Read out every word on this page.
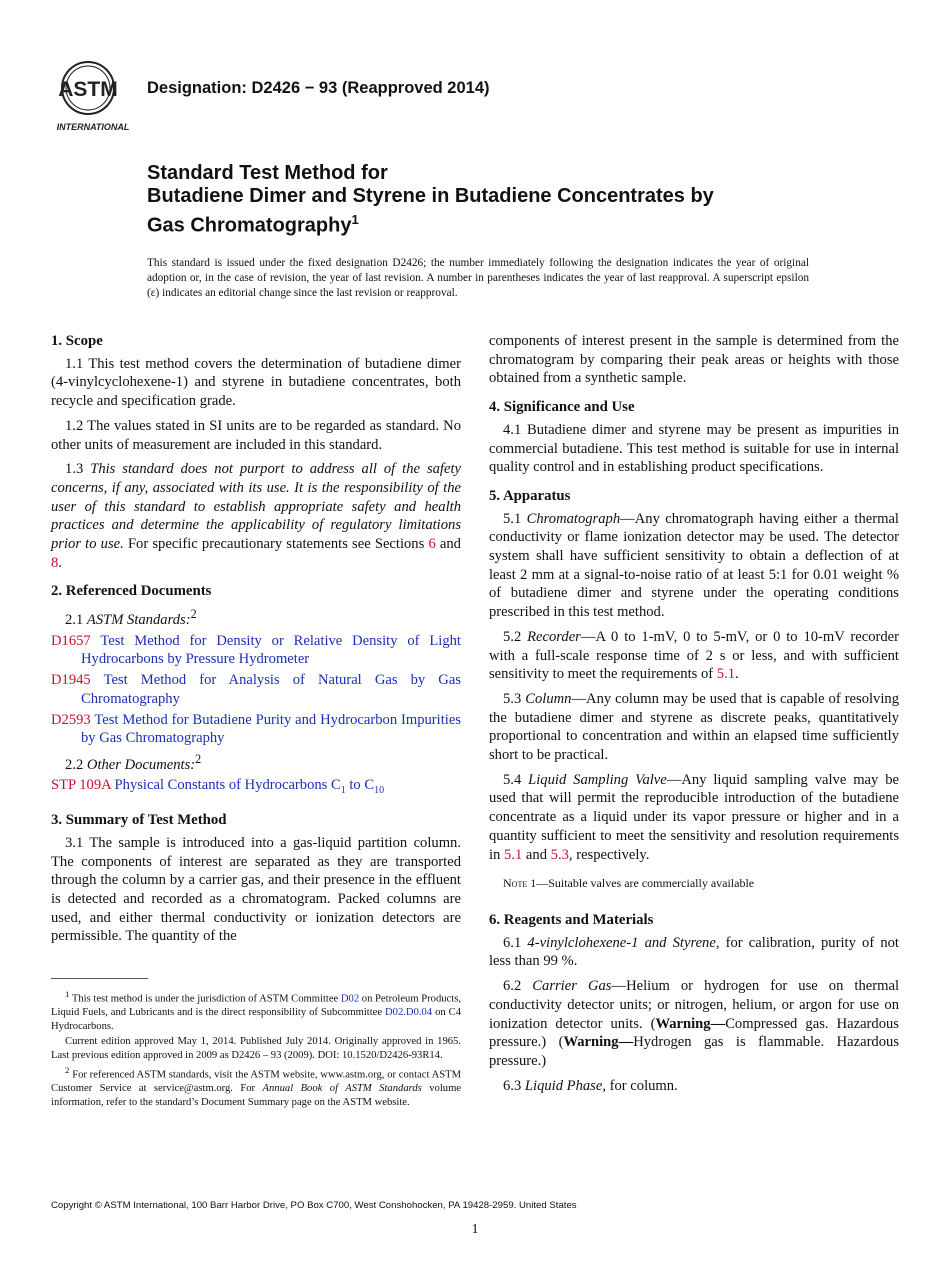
ASTM
INTERNATIONAL
Designation: D2426 − 93 (Reapproved 2014)
Standard Test Method for
Butadiene Dimer and Styrene in Butadiene Concentrates by
Gas Chromatography$^1$
This standard is issued under the fixed designation D2426; the number immediately following the designation indicates the year of original adoption or, in the case of revision, the year of last revision. A number in parentheses indicates the year of last reapproval. A superscript epsilon (ε) indicates an editorial change since the last revision or reapproval.
1. Scope

1.1 This test method covers the determination of butadiene dimer (4-vinylcyclohexene-1) and styrene in butadiene concentrates, both recycle and specification grade.

1.2 The values stated in SI units are to be regarded as standard. No other units of measurement are included in this standard.

1.3 This standard does not purport to address all of the safety concerns, if any, associated with its use. It is the responsibility of the user of this standard to establish appropriate safety and health practices and determine the applicability of regulatory limitations prior to use. For specific precautionary statements see Sections 6 and 8.

2. Referenced Documents
2.1 ASTM Standards:$^2$
D1657 Test Method for Density or Relative Density of Light Hydrocarbons by Pressure Hydrometer
D1945 Test Method for Analysis of Natural Gas by Gas Chromatography
D2593 Test Method for Butadiene Purity and Hydrocarbon Impurities by Gas Chromatography
2.2 Other Documents:$^2$
STP 109A Physical Constants of Hydrocarbons $C_1$ to $C_{10}$
3. Summary of Test Method

3.1 The sample is introduced into a gas-liquid partition column. The components of interest are separated as they are transported through the column by a carrier gas, and their presence in the effluent is detected and recorded as a chromatogram. Packed columns are used, and either thermal conductivity or ionization detectors are permissible. The quantity of the

$^1$ This test method is under the jurisdiction of ASTM Committee D02 on Petroleum Products, Liquid Fuels, and Lubricants and is the direct responsibility of Subcommittee D02.D0.04 on C4 Hydrocarbons.

Current edition approved May 1, 2014. Published July 2014. Originally approved in 1965. Last previous edition approved in 2009 as D2426 – 93 (2009). DOI: 10.1520/D2426-93R14.

$^2$ For referenced ASTM standards, visit the ASTM website, www.astm.org, or contact ASTM Customer Service at service@astm.org. For Annual Book of ASTM Standards volume information, refer to the standard’s Document Summary page on the ASTM website.

components of interest present in the sample is determined from the chromatogram by comparing their peak areas or heights with those obtained from a synthetic sample.

4. Significance and Use

4.1 Butadiene dimer and styrene may be present as impurities in commercial butadiene. This test method is suitable for use in internal quality control and in establishing product specifications.

5. Apparatus

5.1 Chromatograph—Any chromatograph having either a thermal conductivity or flame ionization detector may be used. The detector system shall have sufficient sensitivity to obtain a deflection of at least 2 mm at a signal-to-noise ratio of at least 5:1 for 0.01 weight % of butadiene dimer and styrene under the operating conditions prescribed in this test method.

5.2 Recorder—A 0 to 1-mV, 0 to 5-mV, or 0 to 10-mV recorder with a full-scale response time of 2 s or less, and with sufficient sensitivity to meet the requirements of 5.1.

5.3 Column—Any column may be used that is capable of resolving the butadiene dimer and styrene as discrete peaks, quantitatively proportional to concentration and within an elapsed time sufficiently short to be practical.

5.4 Liquid Sampling Valve—Any liquid sampling valve may be used that will permit the reproducible introduction of the butadiene concentrate as a liquid under its vapor pressure or higher and in a quantity sufficient to meet the sensitivity and resolution requirements in 5.1 and 5.3, respectively.

Note 1—Suitable valves are commercially available
6. Reagents and Materials

6.1 4-vinylclohexene-1 and Styrene, for calibration, purity of not less than 99 %.

6.2 Carrier Gas—Helium or hydrogen for use on thermal conductivity detector units; or nitrogen, helium, or argon for use on ionization detector units. (Warning—Compressed gas. Hazardous pressure.) (Warning—Hydrogen gas is flammable. Hazardous pressure.)

6.3 Liquid Phase, for column.

Copyright © ASTM International, 100 Barr Harbor Drive, PO Box C700, West Conshohocken, PA 19428-2959. United States
1
